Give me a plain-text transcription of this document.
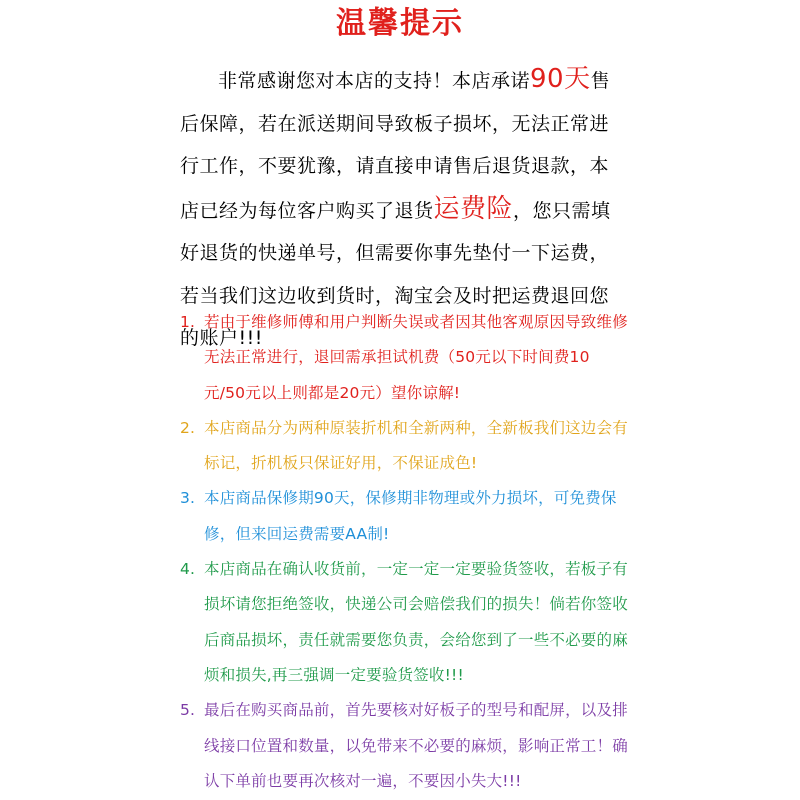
温馨提示
非常感谢您对本店的支持！本店承诺90天售后保障，若在派送期间导致板子损坏，无法正常进行工作，不要犹豫，请直接申请售后退货退款，本店已经为每位客户购买了退货运费险，您只需填好退货的快递单号，但需要你事先垫付一下运费，若当我们这边收到货时，淘宝会及时把运费退回您的账户!!!
1. 若由于维修师傅和用户判断失误或者因其他客观原因导致维修无法正常进行，退回需承担试机费（50元以下时间费10元/50元以上则都是20元）望你谅解!
2. 本店商品分为两种原装折机和全新两种，全新板我们这边会有标记，折机板只保证好用，不保证成色!
3. 本店商品保修期90天，保修期非物理或外力损坏，可免费保修，但来回运费需要AA制!
4. 本店商品在确认收货前，一定一定一定要验货签收，若板子有损坏请您拒绝签收，快递公司会赔偿我们的损失！倘若你签收后商品损坏，责任就需要您负责，会给您到了一些不必要的麻烦和损失,再三强调一定要验货签收!!!
5. 最后在购买商品前，首先要核对好板子的型号和配屏，以及排线接口位置和数量，以免带来不必要的麻烦，影响正常工！确认下单前也要再次核对一遍，不要因小失大!!!
